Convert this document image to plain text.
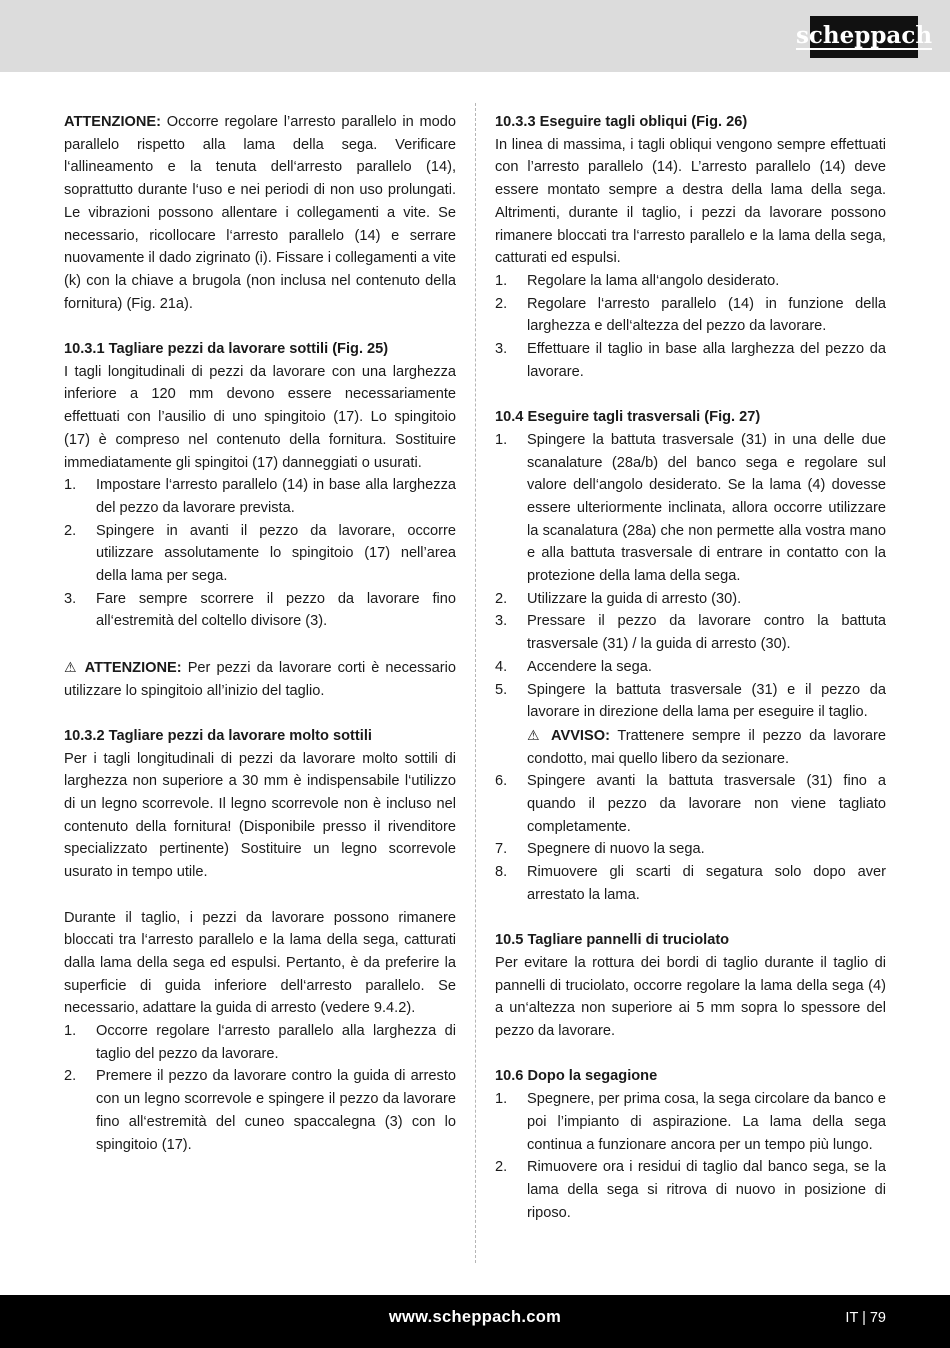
scheppach

ATTENZIONE: Occorre regolare l’arresto parallelo in modo parallelo rispetto alla lama della sega. Verificare l‘allineamento e la tenuta dell‘arresto parallelo (14), soprattutto durante l‘uso e nei periodi di non uso prolungati. Le vibrazioni possono allentare i collegamenti a vite. Se necessario, ricollocare l‘arresto parallelo (14) e serrare nuovamente il dado zigrinato (i). Fissare i collegamenti a vite (k) con la chiave a brugola (non inclusa nel contenuto della fornitura) (Fig. 21a).

10.3.1 Tagliare pezzi da lavorare sottili (Fig. 25)

I tagli longitudinali di pezzi da lavorare con una larghezza inferiore a 120 mm devono essere necessariamente effettuati con l’ausilio di uno spingitoio (17). Lo spingitoio (17) è compreso nel contenuto della fornitura. Sostituire immediatamente gli spingitoi (17) danneggiati o usurati.

1. Impostare l‘arresto parallelo (14) in base alla larghezza del pezzo da lavorare prevista.
2. Spingere in avanti il pezzo da lavorare, occorre utilizzare assolutamente lo spingitoio (17) nell’area della lama per sega.
3. Fare sempre scorrere il pezzo da lavorare fino all‘estremità del coltello divisore (3).

⚠ ATTENZIONE: Per pezzi da lavorare corti è necessario utilizzare lo spingitoio all’inizio del taglio.

10.3.2 Tagliare pezzi da lavorare molto sottili

Per i tagli longitudinali di pezzi da lavorare molto sottili di larghezza non superiore a 30 mm è indispensabile l‘utilizzo di un legno scorrevole. Il legno scorrevole non è incluso nel contenuto della fornitura! (Disponibile presso il rivenditore specializzato pertinente) Sostituire un legno scorrevole usurato in tempo utile.

Durante il taglio, i pezzi da lavorare possono rimanere bloccati tra l‘arresto parallelo e la lama della sega, catturati dalla lama della sega ed espulsi. Pertanto, è da preferire la superficie di guida inferiore dell‘arresto parallelo. Se necessario, adattare la guida di arresto (vedere 9.4.2).

1. Occorre regolare l‘arresto parallelo alla larghezza di taglio del pezzo da lavorare.
2. Premere il pezzo da lavorare contro la guida di arresto con un legno scorrevole e spingere il pezzo da lavorare fino all‘estremità del cuneo spaccalegna (3) con lo spingitoio (17).
10.3.3 Eseguire tagli obliqui (Fig. 26)

In linea di massima, i tagli obliqui vengono sempre effettuati con l’arresto parallelo (14). L’arresto parallelo (14) deve essere montato sempre a destra della lama della sega. Altrimenti, durante il taglio, i pezzi da lavorare possono rimanere bloccati tra l‘arresto parallelo e la lama della sega, catturati ed espulsi.

1. Regolare la lama all‘angolo desiderato.
2. Regolare l‘arresto parallelo (14) in funzione della larghezza e dell‘altezza del pezzo da lavorare.
3. Effettuare il taglio in base alla larghezza del pezzo da lavorare.
10.4 Eseguire tagli trasversali (Fig. 27)
1. Spingere la battuta trasversale (31) in una delle due scanalature (28a/b) del banco sega e regolare sul valore dell‘angolo desiderato. Se la lama (4) dovesse essere ulteriormente inclinata, allora occorre utilizzare la scanalatura (28a) che non permette alla vostra mano e alla battuta trasversale di entrare in contatto con la protezione della lama della sega.
2. Utilizzare la guida di arresto (30).
3. Pressare il pezzo da lavorare contro la battuta trasversale (31) / la guida di arresto (30).
4. Accendere la sega.
5. Spingere la battuta trasversale (31) e il pezzo da lavorare in direzione della lama per eseguire il taglio.
⚠ AVVISO: Trattenere sempre il pezzo da lavorare condotto, mai quello libero da sezionare.
6. Spingere avanti la battuta trasversale (31) fino a quando il pezzo da lavorare non viene tagliato completamente.
7. Spegnere di nuovo la sega.
8. Rimuovere gli scarti di segatura solo dopo aver arrestato la lama.
10.5 Tagliare pannelli di truciolato

Per evitare la rottura dei bordi di taglio durante il taglio di pannelli di truciolato, occorre regolare la lama della sega (4) a un‘altezza non superiore ai 5 mm sopra lo spessore del pezzo da lavorare.

10.6 Dopo la segagione
1. Spegnere, per prima cosa, la sega circolare da banco e poi l’impianto di aspirazione. La lama della sega continua a funzionare ancora per un tempo più lungo.
2. Rimuovere ora i residui di taglio dal banco sega, se la lama della sega si ritrova di nuovo in posizione di riposo.
www.scheppach.com	IT | 79
